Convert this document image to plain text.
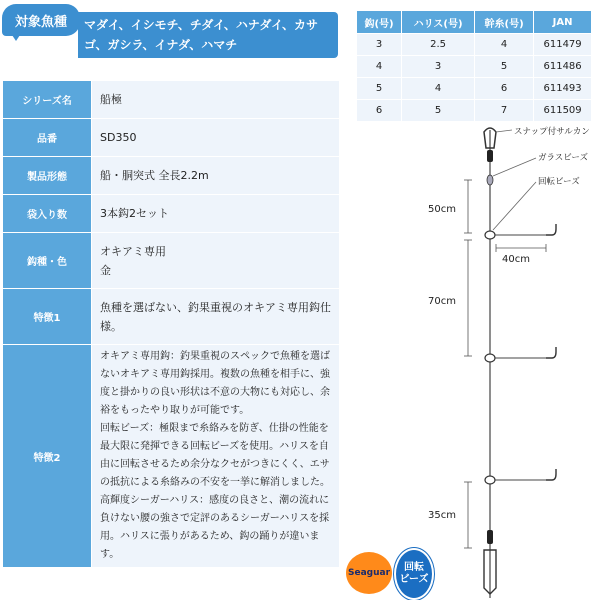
対象魚種	マダイ、イシモチ、チダイ、ハナダイ、カサゴ、ガシラ、イナダ、ハマチ
シリーズ名	船極
品番	SD350
製品形態	船・胴突式 全長2.2m
袋入り数	3本鈎2セット
鈎種・色	オキアミ専用
金
特徴1	魚種を選ばない、釣果重視のオキアミ専用鈎仕様。
特徴2	オキアミ専用鈎：釣果重視のスペックで魚種を選ばないオキアミ専用鈎採用。複数の魚種を相手に、強度と掛かりの良い形状は不意の大物にも対応し、余裕をもったやり取りが可能です。
回転ビーズ：極限まで糸絡みを防ぎ、仕掛の性能を最大限に発揮できる回転ビーズを使用。ハリスを自由に回転させるため余分なクセがつきにくく、エサの抵抗による糸絡みの不安を一挙に解消しました。　高輝度シーガーハリス：感度の良さと、潮の流れに負けない腰の強さで定評のあるシーガーハリスを採用。ハリスに張りがあるため、鈎の踊りが違います。
鈎(号)	ハリス(号)	幹糸(号)	JAN
3	2.5	4	611479
4	3	5	611486
5	4	6	611493
6	5	7	611509
スナップ付サルカン
ガラスビーズ
回転ビーズ
50cm
40cm
70cm
35cm
Seaguar	回転
ビーズ
